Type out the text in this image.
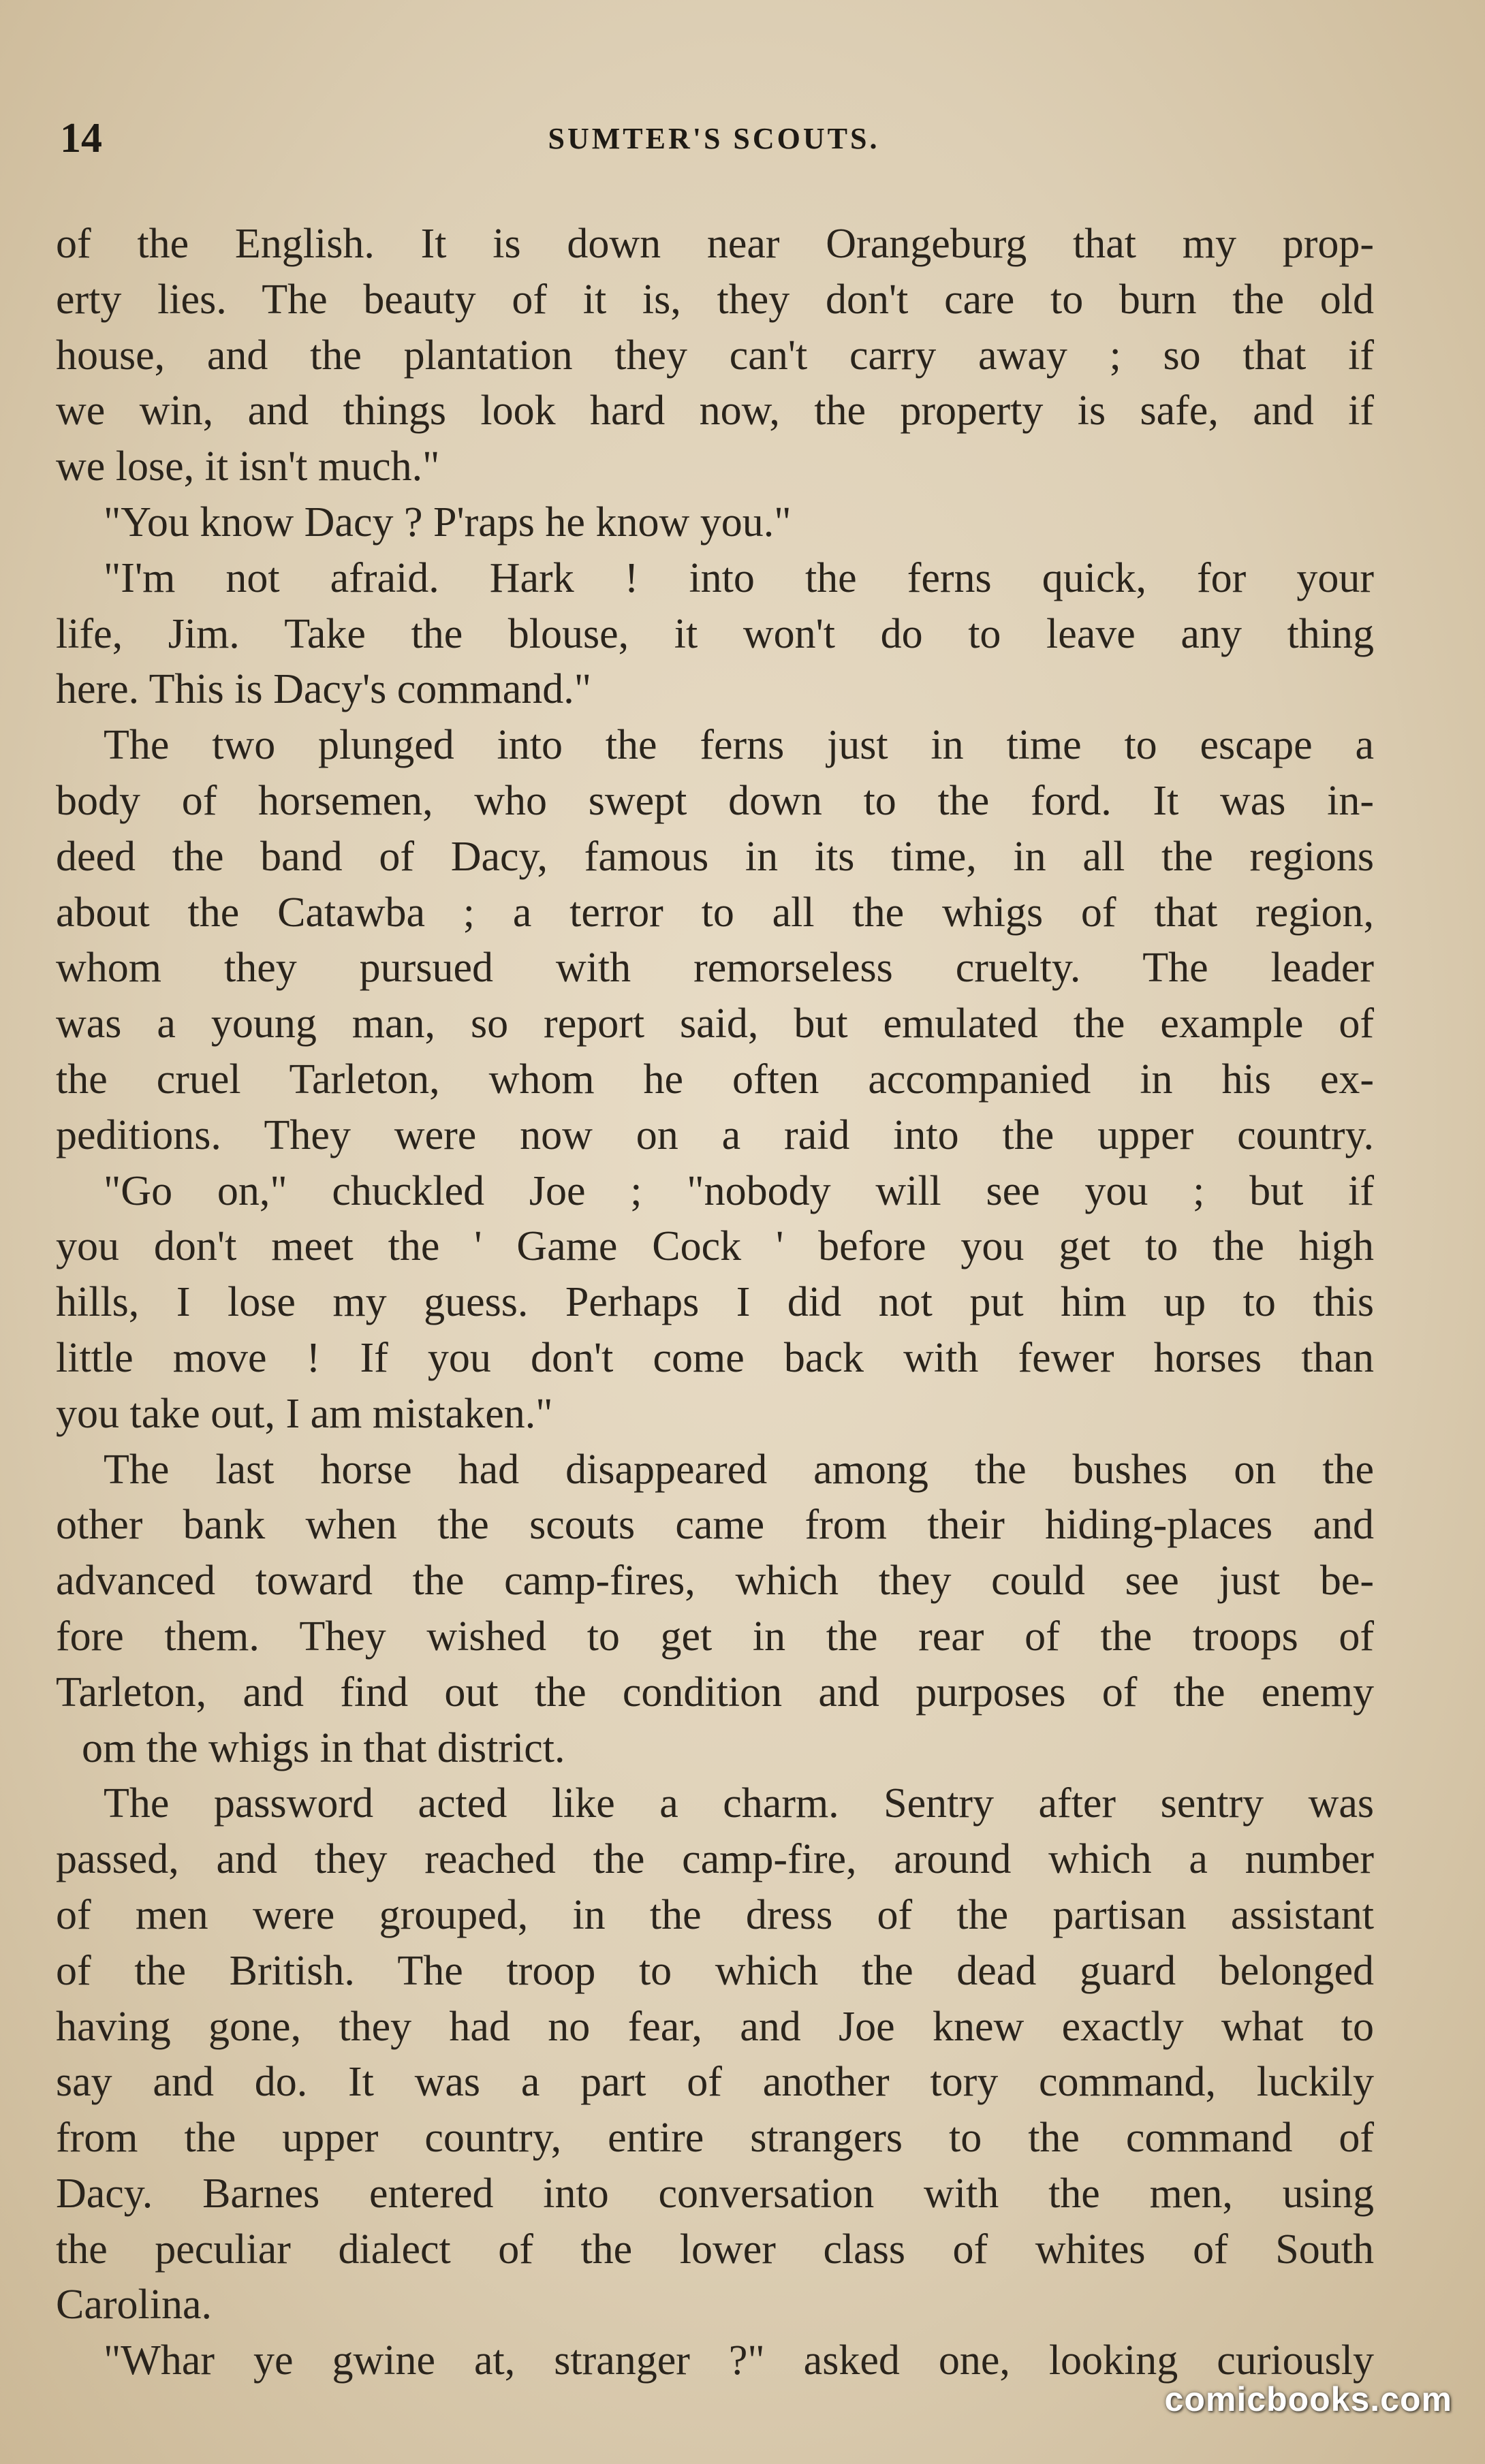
14	SUMTER'S SCOUTS.
of the English. It is down near Orangeburg that my prop-
erty lies. The beauty of it is, they don't care to burn the old
house, and the plantation they can't carry away ; so that if
we win, and things look hard now, the property is safe, and if
we lose, it isn't much."
"You know Dacy ? P'raps he know you."
"I'm not afraid. Hark ! into the ferns quick, for your
life, Jim. Take the blouse, it won't do to leave any thing
here. This is Dacy's command."
The two plunged into the ferns just in time to escape a
body of horsemen, who swept down to the ford. It was in-
deed the band of Dacy, famous in its time, in all the regions
about the Catawba ; a terror to all the whigs of that region,
whom they pursued with remorseless cruelty. The leader
was a young man, so report said, but emulated the example of
the cruel Tarleton, whom he often accompanied in his ex-
peditions. They were now on a raid into the upper country.
"Go on," chuckled Joe ; "nobody will see you ; but if
you don't meet the ' Game Cock ' before you get to the high
hills, I lose my guess. Perhaps I did not put him up to this
little move ! If you don't come back with fewer horses than
you take out, I am mistaken."
The last horse had disappeared among the bushes on the
other bank when the scouts came from their hiding-places and
advanced toward the camp-fires, which they could see just be-
fore them. They wished to get in the rear of the troops of
Tarleton, and find out the condition and purposes of the enemy
om the whigs in that district.
The password acted like a charm. Sentry after sentry was
passed, and they reached the camp-fire, around which a number
of men were grouped, in the dress of the partisan assistant
of the British. The troop to which the dead guard belonged
having gone, they had no fear, and Joe knew exactly what to
say and do. It was a part of another tory command, luckily
from the upper country, entire strangers to the command of
Dacy. Barnes entered into conversation with the men, using
the peculiar dialect of the lower class of whites of South
Carolina.
"Whar ye gwine at, stranger ?" asked one, looking curiously
comicbooks.com
